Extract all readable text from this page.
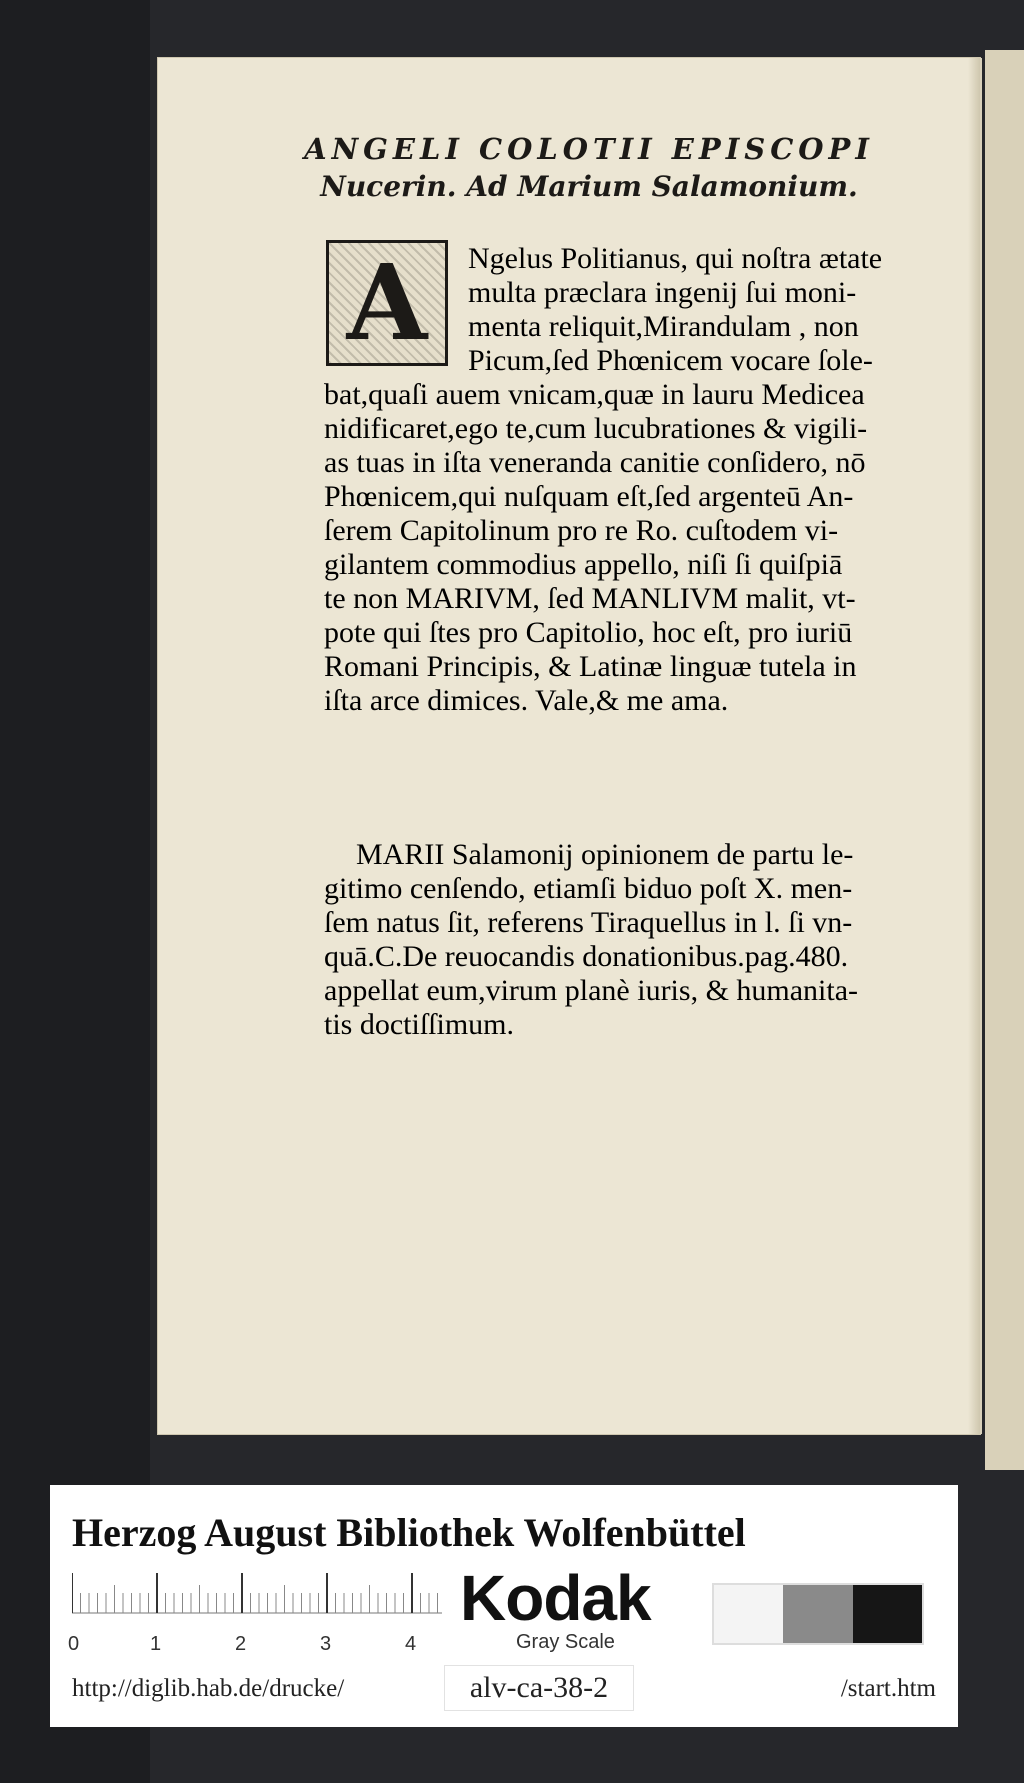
ANGELI COLOTII EPISCOPI
Nucerin. Ad Marium Salamonium.
A Ngelus Politianus, qui noſtra ætate
multa præclara ingenij ſui moni-
menta reliquit,Mirandulam , non
Picum,ſed Phœnicem vocare ſole-
bat,quaſi auem vnicam,quæ in lauru Medicea
nidificaret,ego te,cum lucubrationes & vigili-
as tuas in iſta veneranda canitie conſidero, nō
Phœnicem,qui nuſquam eſt,ſed argenteū An-
ſerem Capitolinum pro re Ro. cuſtodem vi-
gilantem commodius appello, niſi ſi quiſpiā
te non MARIVM, ſed MANLIVM malit, vt-
pote qui ſtes pro Capitolio, hoc eſt, pro iuriū
Romani Principis, & Latinæ linguæ tutela in
iſta arce dimices. Vale,& me ama.
MARII Salamonij opinionem de partu le-
gitimo cenſendo, etiamſi biduo poſt X. men-
ſem natus ſit, referens Tiraquellus in l. ſi vn-
quā.C.De reuocandis donationibus.pag.480.
appellat eum,virum planè iuris, & humanita-
tis doctiſſimum.
Herzog August Bibliothek Wolfenbüttel
0	1	2	3	4
Kodak
Gray Scale
http://diglib.hab.de/drucke/	alv-ca-38-2	/start.htm
